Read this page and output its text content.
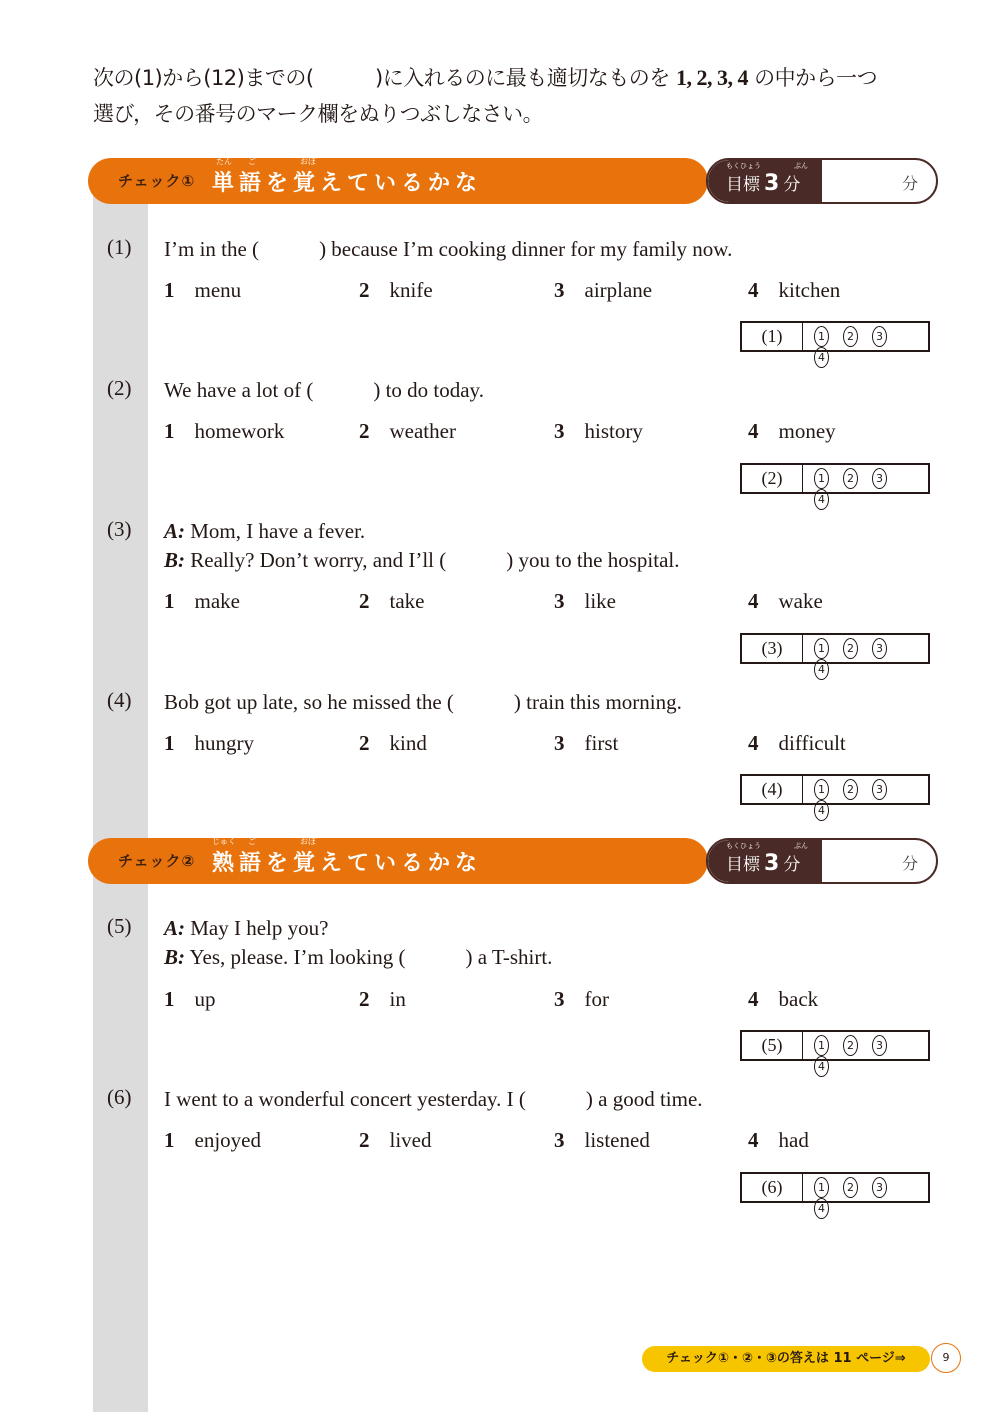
次の(1)から(12)までの(　　　)に入れるのに最も適切なものを 1, 2, 3, 4 の中から一つ
選び，その番号のマーク欄をぬりつぶしなさい。
チェック①
たん ご	おぼ
単語を覚えているかな
もくひょう	ぷん
目標 3 分	分
(1) I’m in the (	) because I’m cooking dinner for my family now.
1 menu	2 knife	3 airplane	4 kitchen
(1)	1 2 34
(2) We have a lot of (	) to do today.
1 homework	2 weather	3 history	4 money
(2)	1 2 34
(3) A: Mom, I have a fever.
B: Really? Don’t worry, and I’ll (	) you to the hospital.
1 make	2 take	3 like	4 wake
(3)	1 2 34
(4) Bob got up late, so he missed the (	) train this morning.
1 hungry	2 kind	3 first	4 difficult
(4)	1 2 34
チェック②
じゅく ご	おぼ
熟語を覚えているかな
もくひょう	ぷん
目標 3 分	分
(5) A: May I help you?
B: Yes, please. I’m looking (	) a T-shirt.
1 up	2 in	3 for	4 back
(5)	1 2 34
(6) I went to a wonderful concert yesterday. I (	) a good time.
1 enjoyed	2 lived	3 listened	4 had
(6)	1 2 34
チェック①・②・③の答えは 11 ページ⇒	9
